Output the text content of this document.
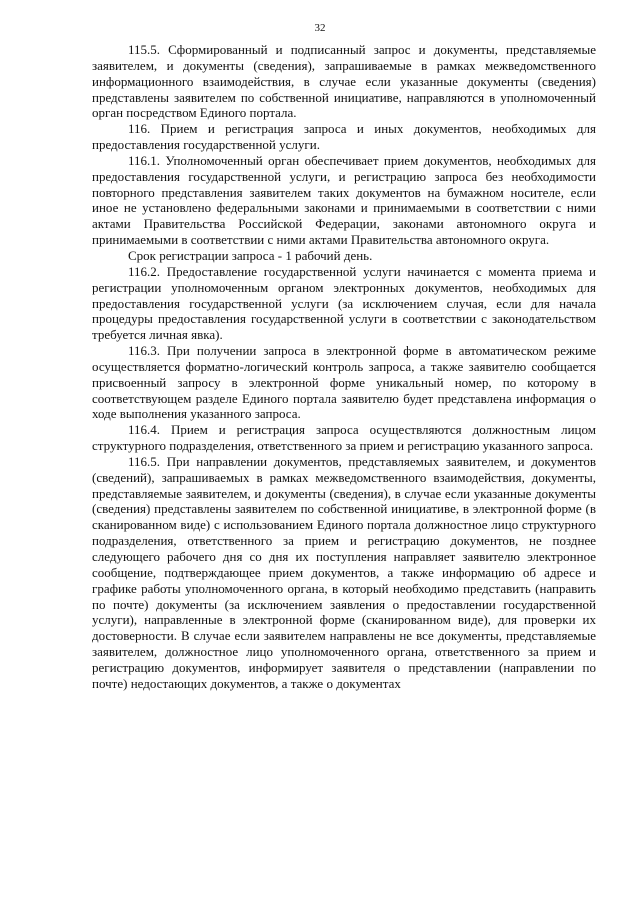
32

115.5. Сформированный и подписанный запрос и документы, представляемые заявителем, и документы (сведения), запрашиваемые в рамках межведомственного информационного взаимодействия, в случае если указанные документы (сведения) представлены заявителем по собственной инициативе, направляются в уполномоченный орган посредством Единого портала.

116. Прием и регистрация запроса и иных документов, необходимых для предоставления государственной услуги.

116.1. Уполномоченный орган обеспечивает прием документов, необходимых для предоставления государственной услуги, и регистрацию запроса без необходимости повторного представления заявителем таких документов на бумажном носителе, если иное не установлено федеральными законами и принимаемыми в соответствии с ними актами Правительства Российской Федерации, законами автономного округа и принимаемыми в соответствии с ними актами Правительства автономного округа.

Срок регистрации запроса - 1 рабочий день.

116.2. Предоставление государственной услуги начинается с момента приема и регистрации уполномоченным органом электронных документов, необходимых для предоставления государственной услуги (за исключением случая, если для начала процедуры предоставления государственной услуги в соответствии с законодательством требуется личная явка).

116.3. При получении запроса в электронной форме в автоматическом режиме осуществляется форматно-логический контроль запроса, а также заявителю сообщается присвоенный запросу в электронной форме уникальный номер, по которому в соответствующем разделе Единого портала заявителю будет представлена информация о ходе выполнения указанного запроса.

116.4. Прием и регистрация запроса осуществляются должностным лицом структурного подразделения, ответственного за прием и регистрацию указанного запроса.

116.5. При направлении документов, представляемых заявителем, и документов (сведений), запрашиваемых в рамках межведомственного взаимодействия, документы, представляемые заявителем, и документы (сведения), в случае если указанные документы (сведения) представлены заявителем по собственной инициативе, в электронной форме (в сканированном виде) с использованием Единого портала должностное лицо структурного подразделения, ответственного за прием и регистрацию документов, не позднее следующего рабочего дня со дня их поступления направляет заявителю электронное сообщение, подтверждающее прием документов, а также информацию об адресе и графике работы уполномоченного органа, в который необходимо представить (направить по почте) документы (за исключением заявления о предоставлении государственной услуги), направленные в электронной форме (сканированном виде), для проверки их достоверности. В случае если заявителем направлены не все документы, представляемые заявителем, должностное лицо уполномоченного органа, ответственного за прием и регистрацию документов, информирует заявителя о представлении (направлении по почте) недостающих документов, а также о документах
